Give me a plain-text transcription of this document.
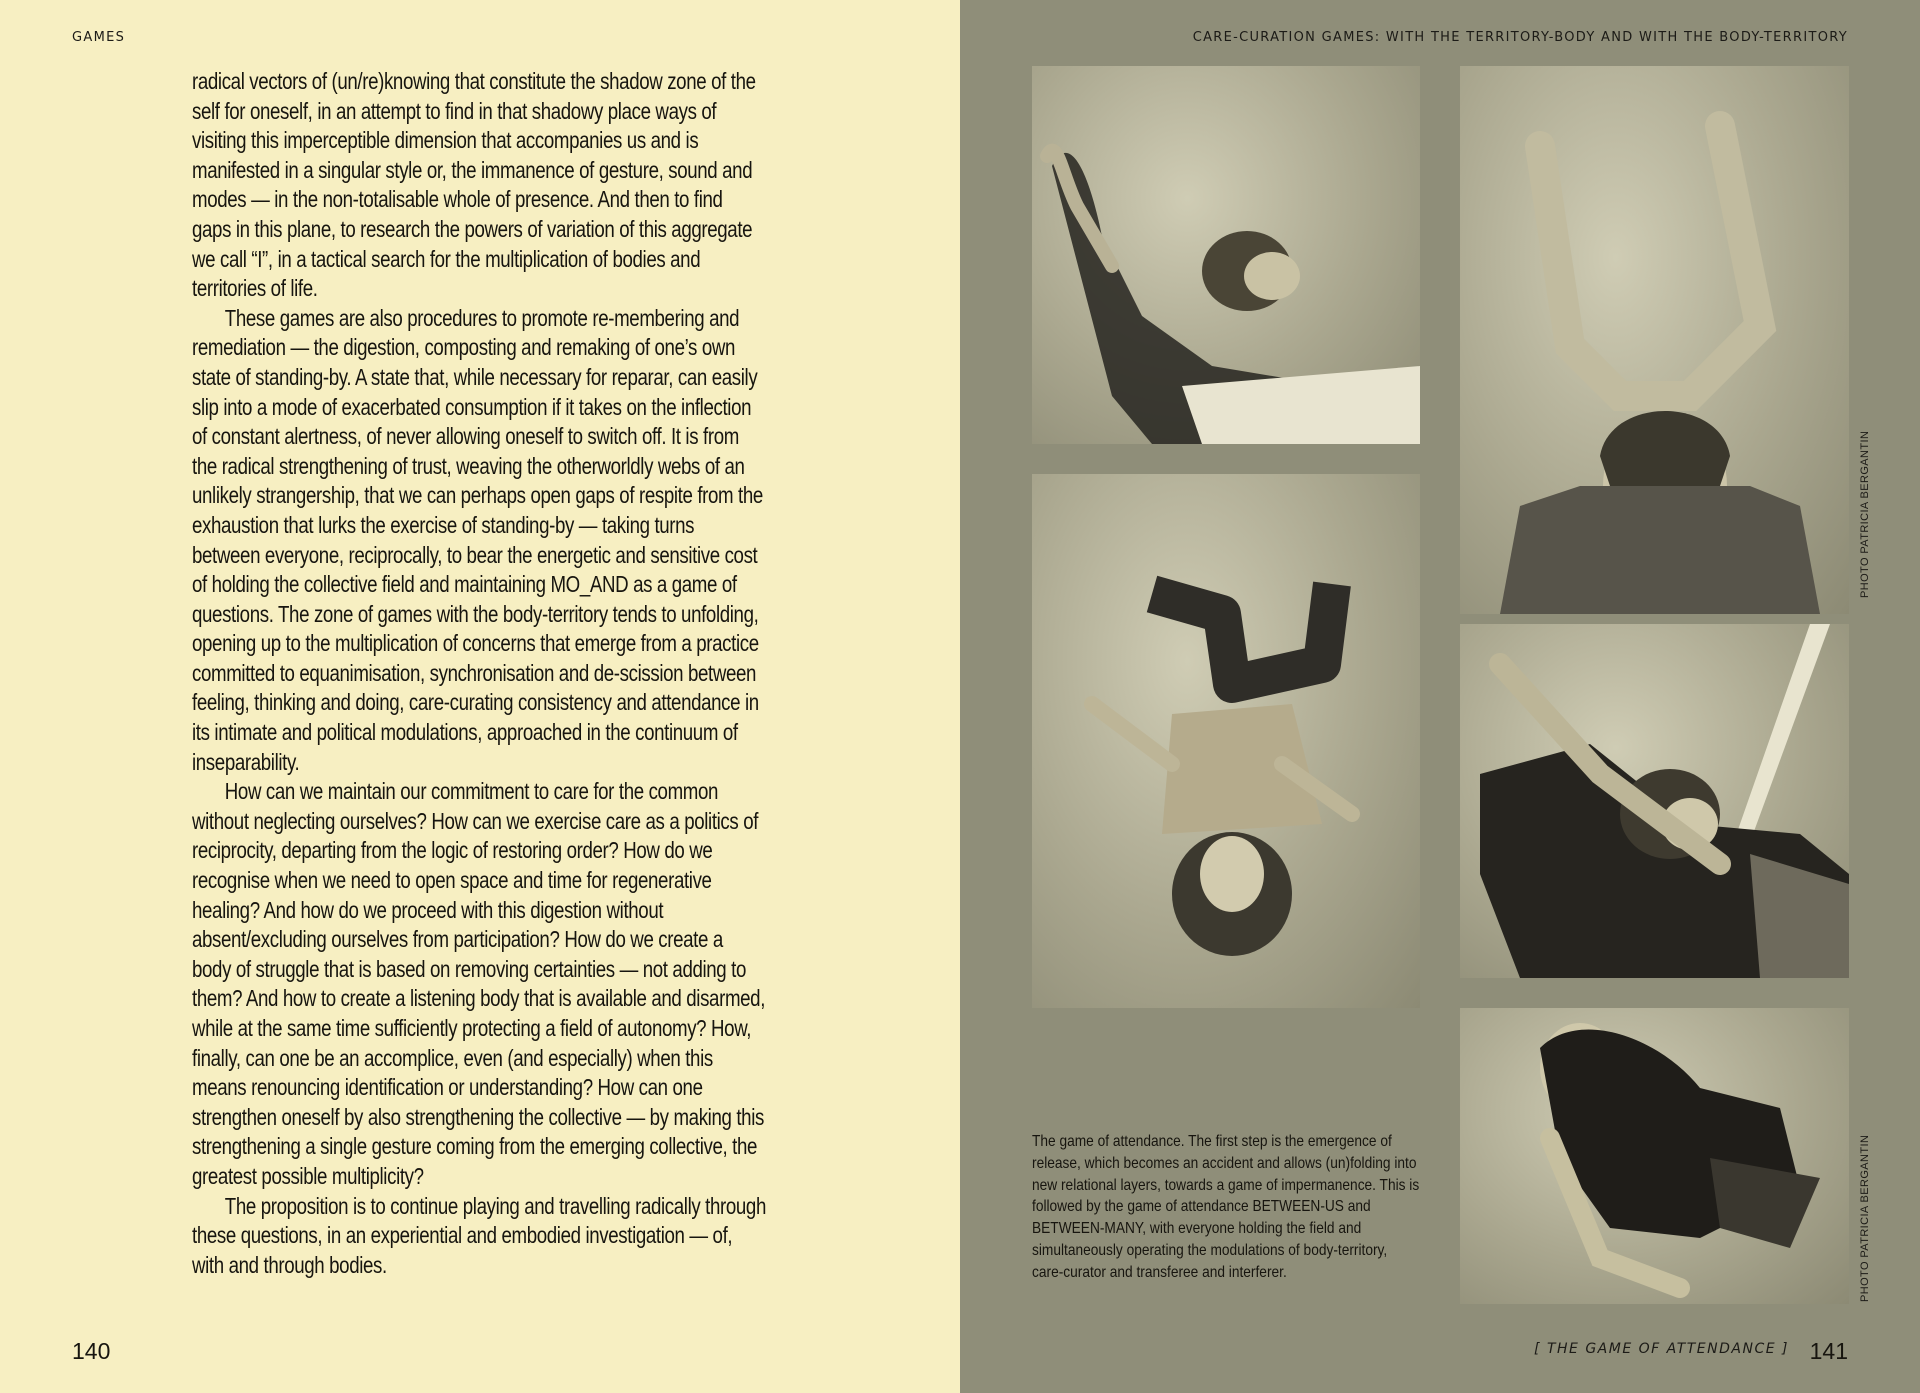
GAMES

radical vectors of (un/re)knowing that constitute the shadow zone of the self for oneself, in an attempt to find in that shadowy place ways of visiting this imperceptible dimension that accompanies us and is manifested in a singular style or, the immanence of gesture, sound and modes — in the non-totalisable whole of presence. And then to find gaps in this plane, to research the powers of variation of this aggregate we call “I”, in a tactical search for the multiplication of bodies and territories of life.

These games are also procedures to promote re-membering and remediation — the digestion, composting and remaking of one’s own state of standing-by. A state that, while necessary for reparar, can easily slip into a mode of exacerbated consumption if it takes on the inflection of constant alertness, of never allowing oneself to switch off. It is from the radical strengthening of trust, weaving the otherworldly webs of an unlikely strangership, that we can perhaps open gaps of respite from the exhaustion that lurks the exercise of standing-by — taking turns between everyone, reciprocally, to bear the energetic and sensitive cost of holding the collective field and maintaining MO_AND as a game of questions. The zone of games with the body-territory tends to unfolding, opening up to the multiplication of concerns that emerge from a practice committed to equanimisation, synchronisation and de-scission between feeling, thinking and doing, care-curating consistency and attendance in its intimate and political modulations, approached in the continuum of inseparability.

How can we maintain our commitment to care for the common without neglecting ourselves? How can we exercise care as a politics of reciprocity, departing from the logic of restoring order? How do we recognise when we need to open space and time for regenerative healing? And how do we proceed with this digestion without absent/excluding ourselves from participation? How do we create a body of struggle that is based on removing certainties — not adding to them? And how to create a listening body that is available and disarmed, while at the same time sufficiently protecting a field of autonomy? How, finally, can one be an accomplice, even (and especially) when this means renouncing identification or understanding? How can one strengthen oneself by also strengthening the collective — by making this strengthening a single gesture coming from the emerging collective, the greatest possible multiplicity?

The proposition is to continue playing and travelling radically through these questions, in an experiential and embodied investigation — of, with and through bodies.

140
CARE-CURATION GAMES: WITH THE TERRITORY-BODY AND WITH THE BODY-TERRITORY
[ THE GAME OF ATTENDANCE ] 141
PHOTO PATRICIA BERGANTIN
PHOTO PATRICIA BERGANTIN
The game of attendance. The first step is the emergence of release, which becomes an accident and allows (un)folding into new relational layers, towards a game of impermanence. This is followed by the game of attendance BETWEEN-US and BETWEEN-MANY, with everyone holding the field and simultaneously operating the modulations of body-territory, care-curator and transferee and interferer.
